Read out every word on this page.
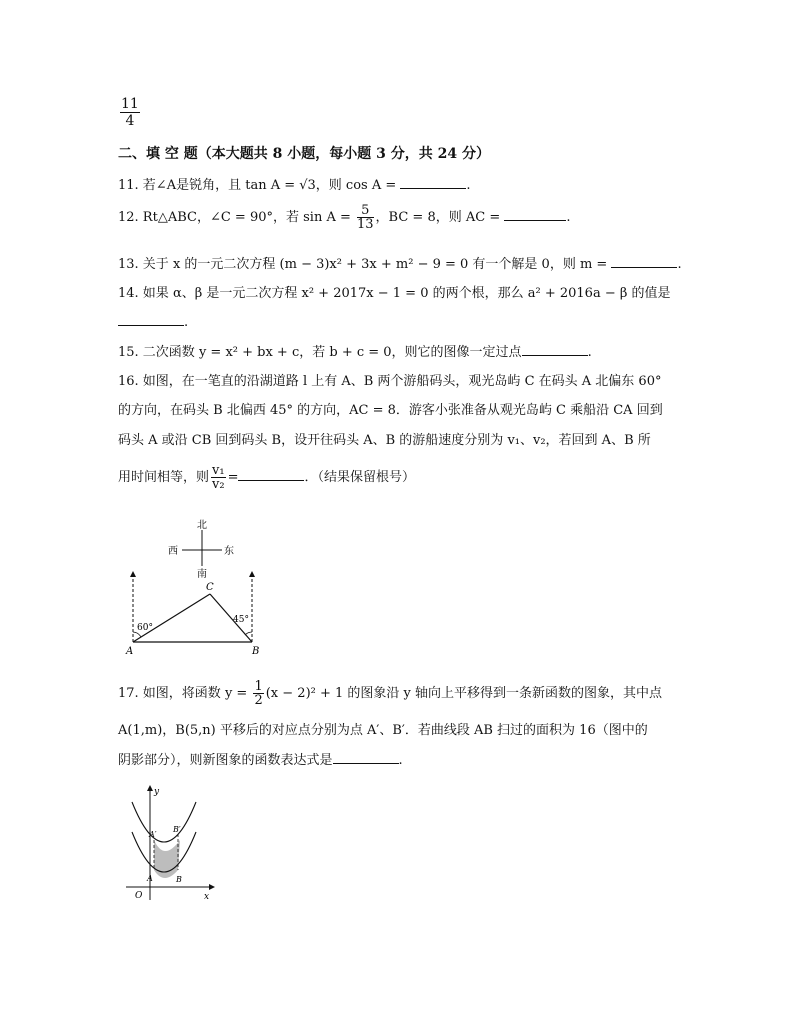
$\frac{11}{4}$
二、填 空 题（本大题共 8 小题，每小题 3 分，共 24 分）
11. 若∠A是锐角，且 tan A = √3，则 cos A =	.
12. Rt△ABC，∠C = 90°，若 $\sin A = \frac{5}{13}$ ，BC = 8，则 AC =	.
13. 关于 x 的一元二次方程 (m − 3)x² + 3x + m² − 9 = 0 有一个解是 0，则 m =	.
14. 如果 α、β 是一元二次方程 x² + 2017x − 1 = 0 的两个根，那么 a² + 2016a − β 的值是
.
15. 二次函数 y = x² + bx + c，若 b + c = 0，则它的图像一定过点	.
16. 如图，在一笔直的沿湖道路 l 上有 A、B 两个游船码头，观光岛屿 C 在码头 A 北偏东 60°
的方向，在码头 B 北偏西 45° 的方向，AC = 8．游客小张准备从观光岛屿 C 乘船沿 CA 回到
码头 A 或沿 CB 回到码头 B，设开往码头 A、B 的游船速度分别为 v₁、v₂，若回到 A、B 所
用时间相等，则 $\frac{\text{v₁}}{\text{v₂}}$ =	．（结果保留根号）
北
南
西	东
60°
45°
C
A	B
17. 如图，将函数 $y = \frac{1}{2} (x - 2)^2 + 1$ 的图象沿 y 轴向上平移得到一条新函数的图象，其中点
A(1,m)，B(5,n) 平移后的对应点分别为点 A′、B′．若曲线段 AB 扫过的面积为 16（图中的
阴影部分），则新图象的函数表达式是	.
y
x
O
A′
B′
A	B
